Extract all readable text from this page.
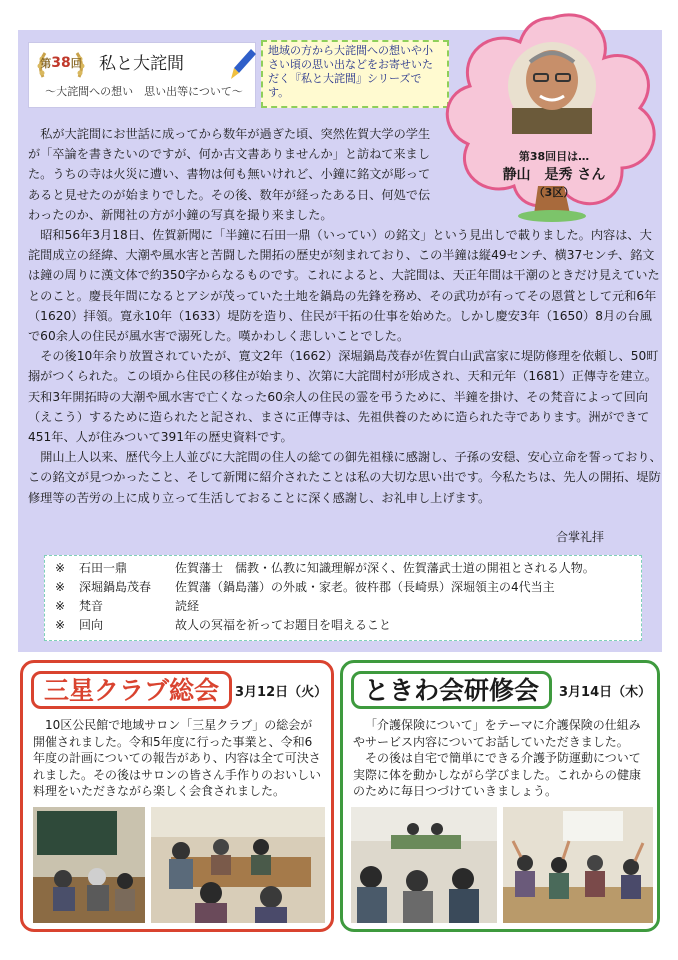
第38回 私と大詫間
〜大詫間への想い　思い出等について〜
地域の方から大詫間への想いや小さい頃の思い出などをお寄せいただく『私と大詫間』シリーズです。
第38回目は…
静山　是秀 さん
（3区）

私が大詫間にお世話に成ってから数年が過ぎた頃、突然佐賀大学の学生が「卒論を書きたいのですが、何か古文書ありませんか」と訪ねて来ました。うちの寺は火災に遭い、書物は何も無いけれど、小鐘に銘文が彫ってあると見せたのが始まりでした。その後、数年が経ったある日、何処で伝わったのか、新聞社の方が小鐘の写真を撮り来ました。

昭和56年3月18日、佐賀新聞に「半鐘に石田一鼎（いってい）の銘文」という見出しで載りました。内容は、大詫間成立の経緯、大潮や風水害と苦闘した開拓の歴史が刻まれており、この半鐘は縦49センチ、横37センチ、銘文は鐘の周りに漢文体で約350字からなるものです。これによると、大詫間は、天正年間は干潮のときだけ見えていたとのこと。慶長年間になるとアシが茂っていた土地を鍋島の先鋒を務め、その武功が有ってその恩賞として元和6年（1620）拝領。寛永10年（1633）堤防を造り、住民が干拓の仕事を始めた。しかし慶安3年（1650）8月の台風で60余人の住民が風水害で溺死した。嘆かわしく悲しいことでした。

その後10年余り放置されていたが、寛文2年（1662）深堀鍋島茂春が佐賀白山武富家に堤防修理を依頼し、50町搦がつくられた。この頃から住民の移住が始まり、次第に大詫間村が形成され、天和元年（1681）正傳寺を建立。天和3年開拓時の大潮や風水害で亡くなった60余人の住民の霊を弔うために、半鐘を掛け、その梵音によって回向（えこう）するために造られたと記され、まさに正傳寺は、先祖供養のために造られた寺であります。洲ができて451年、人が住みついて391年の歴史資料です。

開山上人以来、歴代今上人並びに大詫間の住人の総ての御先祖様に感謝し、子孫の安穏、安心立命を誓っており、この銘文が見つかったこと、そして新聞に紹介されたことは私の大切な思い出です。今私たちは、先人の開拓、堤防修理等の苦労の上に成り立って生活しておることに深く感謝し、お礼申し上げます。

合掌礼拝
※	石田一鼎	佐賀藩士　儒教・仏教に知識理解が深く、佐賀藩武士道の開祖とされる人物。
※	深堀鍋島茂春	佐賀藩（鍋島藩）の外戚・家老。彼杵郡（長崎県）深堀領主の4代当主
※	梵音	読経
※	回向	故人の冥福を祈ってお題目を唱えること
三星クラブ総会	3月12日（火）

10区公民館で地域サロン「三星クラブ」の総会が開催されました。令和5年度に行った事業と、令和6年度の計画についての報告があり、内容は全て可決されました。その後はサロンの皆さん手作りのおいしい料理をいただきながら楽しく会食されました。

ときわ会研修会	3月14日（木）

「介護保険について」をテーマに介護保険の仕組みやサービス内容についてお話していただきました。

その後は自宅で簡単にできる介護予防運動について実際に体を動かしながら学びました。これからの健康のために毎日つづけていきましょう。
